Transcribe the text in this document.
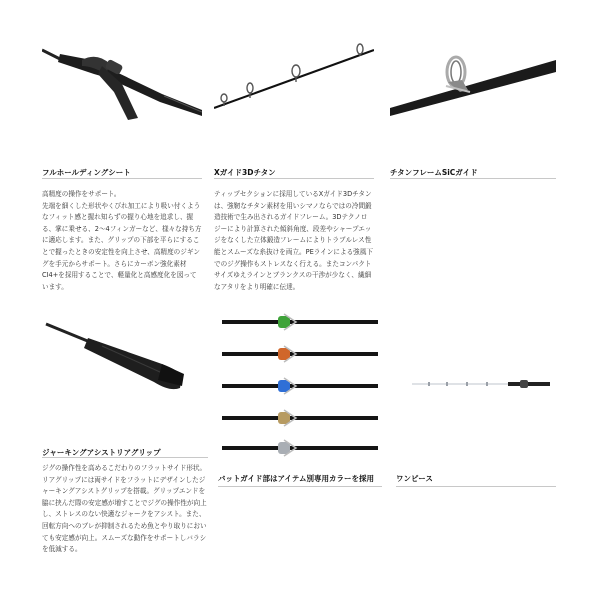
フルホールディングシート

高精度の操作をサポート。
先端を細くした形状やくびれ加工により吸い付くようなフィット感と握れ知らずの握り心地を追求し、握る、掌に乗せる、2〜4フィンガーなど、様々な持ち方に適応します。また、グリップの下部を平らにすることで握ったときの安定性を向上させ、高精度のジギングを手元からサポート。さらにカーボン強化素材CI4+を採用することで、軽量化と高感度化を図っています。

Xガイド3Dチタン

ティップセクションに採用しているXガイド3Dチタンは、強靭なチタン素材を用いシマノならではの冷間鍛造技術で生み出されるガイドフレーム。3Dテクノロジーにより計算された傾斜角度、段差やシャープエッジをなくした立体鍛造フレームによりトラブルレス性能とスムーズな糸抜けを両立。PEラインによる強風下でのジグ操作もストレスなく行える。またコンパクトサイズゆえラインとブランクスの干渉が少なく、繊細なアタリをより明確に伝達。

チタンフレームSiCガイド
ジャーキングアシストリアグリップ

ジグの操作性を高めるこだわりのフラットサイド形状。
リアグリップには両サイドをフラットにデザインしたジャーキングアシストグリップを搭載。グリップエンドを脇に挟んだ際の安定感が増すことでジグの操作性が向上し、ストレスのない快適なジャークをアシスト。また、回転方向へのブレが抑制されるため魚とやり取りにおいても安定感が向上。スムーズな動作をサポートしバラシを低減する。

バットガイド部はアイテム別専用カラーを採用	ワンピース
